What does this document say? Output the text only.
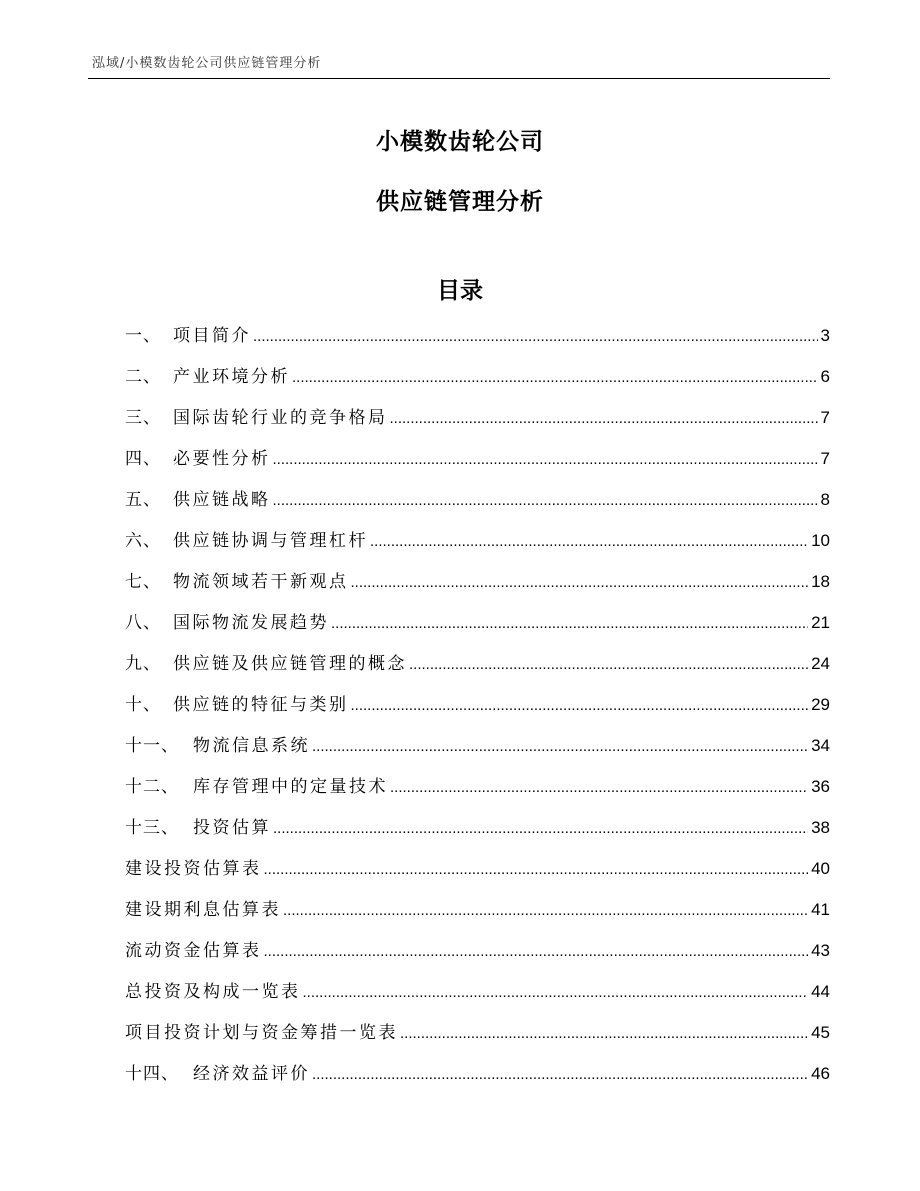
泓域/小模数齿轮公司供应链管理分析
小模数齿轮公司
供应链管理分析
目录
一、 项目简介 .....	3
二、 产业环境分析 .....	6
三、 国际齿轮行业的竞争格局 .....	7
四、 必要性分析 .....	7
五、 供应链战略 .....	8
六、 供应链协调与管理杠杆 .....	10
七、 物流领域若干新观点 .....	18
八、 国际物流发展趋势 .....	21
九、 供应链及供应链管理的概念 .....	24
十、 供应链的特征与类别 .....	29
十一、 物流信息系统 .....	34
十二、 库存管理中的定量技术 .....	36
十三、 投资估算 .....	38
建设投资估算表 .....	40
建设期利息估算表 .....	41
流动资金估算表 .....	43
总投资及构成一览表 .....	44
项目投资计划与资金筹措一览表 .....	45
十四、 经济效益评价 .....	46
